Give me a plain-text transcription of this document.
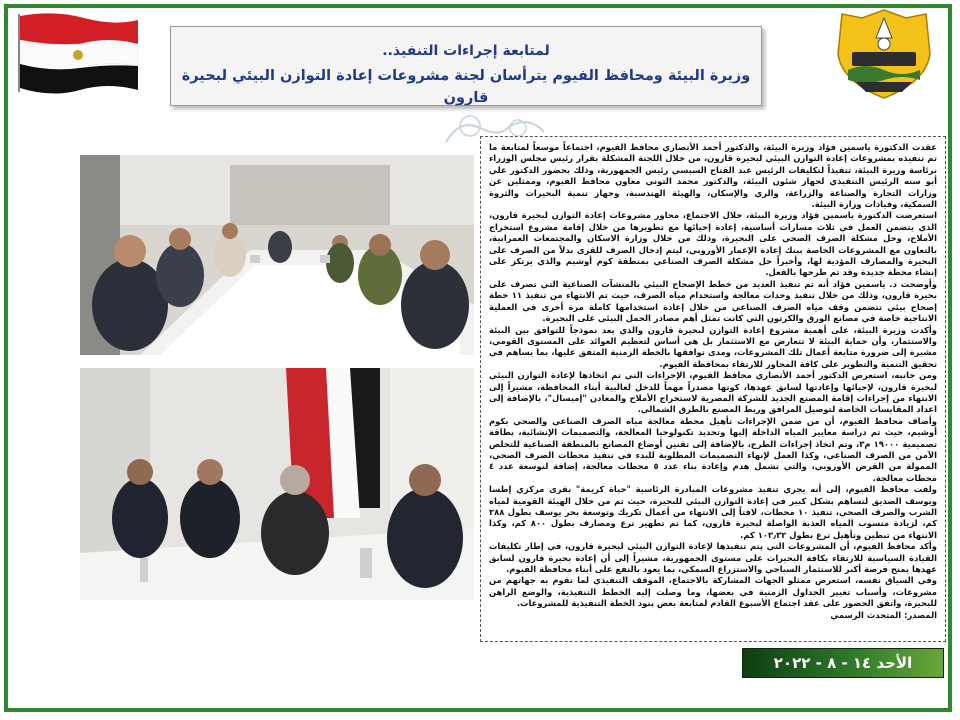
لمتابعة إجراءات التنفيذ..
وزيرة البيئة ومحافظ الفيوم يترأسان لجنة مشروعات إعادة التوازن البيئي لبحيرة قارون

عقدت الدكتورة ياسمين فؤاد وزيرة البيئة، والدكتور أحمد الأنصاري محافظ الفيوم، اجتماعاً موسعاً لمتابعة ما تم تنفيذه بمشروعات إعادة التوازن البيئي لبحيرة قارون، من خلال اللجنة المشكلة بقرار رئيس مجلس الوزراء برئاسة وزيرة البيئة، تنفيذاً لتكليفات الرئيس عبد الفتاح السيسي رئيس الجمهورية، وذلك بحضور الدكتور علي أبو سنه الرئيس التنفيذي لجهاز شئون البيئة، والدكتور محمد التوني معاون محافظ الفيوم، وممثلين عن وزارات التجارة والصناعة والزراعة، والري والإسكان، والهيئة الهندسية، وجهاز تنمية البحيرات والثروة السمكية، وقيادات وزارة البيئة.

استعرضت الدكتورة ياسمين فؤاد وزيرة البيئة، خلال الاجتماع، محاور مشروعات إعادة التوازن لبحيرة قارون، الذي يتضمن العمل في ثلاث مسارات أساسية، إعادة إحيائها مع تطويرها من خلال إقامة مشروع استخراج الأملاح، وحل مشكلة الصرف الصحي على البحيرة، وذلك من خلال وزارة الاسكان والمجتمعات العمرانية، بالتعاون مع المشروعات الخاصة ببنك إعادة الإعمار الأوروبي، ليتم إدخال الصرف للقرى بدلاً من الصرف على البحيرة والمصارف المؤدية لها، وأخيراً حل مشكلة الصرف الصناعي بمنطقة كوم أوشيم والذي يرتكز على إنشاء محطة جديدة وقد تم طرحها بالفعل.

وأوضحت د. ياسمين فؤاد أنه تم تنفيذ العديد من خطط الإصحاح البيئي بالمنشآت الصناعية التي تصرف على بحيرة قارون، وذلك من خلال تنفيذ وحدات معالجة واستخدام مياه الصرف، حيث تم الانتهاء من تنفيذ ١١ خطة إصحاح بيئي تتضمن وقف مياه الصرف الصناعي من خلال إعادة استخدامها كاملة مرة أخرى في العملية الانتاجية خاصة في مصانع الورق والكرتون التي كانت تمثل أهم مصادر الحمل البيئي على البحيرة.

وأكدت وزيرة البيئة، على أهمية مشروع إعادة التوازن لبحيرة قارون والذي يعد نموذجاً للتوافق بين البيئة والاستثمار، وأن حماية البيئة لا تتعارض مع الاستثمار بل هي أساس لتعظيم العوائد على المستوى القومي، مشيرة إلى ضرورة متابعة أعمال تلك المشروعات، ومدى توافقها بالخطة الزمنية المتفق عليها، بما يساهم في تحقيق التنمية والتطوير على كافة المحاور للارتقاء بمحافظة الفيوم.

ومن جانبه، استعرض الدكتور أحمد الأنصاري محافظ الفيوم، الإجراءات التي تم اتخاذها لإعادة التوازن البيئي لبحيرة قارون، لإحيائها وإعادتها لسابق عهدها، كونها مصدراً مهماً للدخل لغالبية أبناء المحافظة، مشيراً إلى الانتهاء من إجراءات إقامة المصنع الجديد للشركة المصرية لاستخراج الأملاح والمعادن "إميسال"، بالإضافة إلى اعداد المقايسات الخاصة لتوصيل المرافق وربط المصنع بالطرق الشمالي.

وأضاف محافظ الفيوم، أن من ضمن الإجراءات تأهيل محطة معالجة مياه الصرف الصناعي والصحي بكوم أوشيم، حيث تم دراسة معايير المياه الداخلة إليها وتحديد تكنولوجيا المعالجة، والتصميمات الإنشائية، بطاقة تصميمية ١٩٠٠٠ م٣، وتم اتخاذ إجراءات الطرح، بالإضافة إلى تقنين أوضاع المصانع بالمنطقة الصناعية للتخلص الآمن من الصرف الصناعي، وكذا العمل لإنهاء التصميمات المطلوبة للبدء في تنفيذ محطات الصرف الصحي، الممولة من القرض الأوروبي، والتي تشمل هدم وإعادة بناء عدد ٥ محطات معالجة، إضافة لتوسعة عدد ٤ محطات معالجة.

ولفت محافظ الفيوم، إلى أنه يجري تنفيذ مشروعات المبادرة الرئاسية "حياة كريمة" بقرى مركزي إطسا ويوسف الصديق لتساهم بشكل كبير في إعادة التوازن البيئي للبحيرة، حيث تم من خلال الهيئة القومية لمياه الشرب والصرف الصحي، تنفيذ ١٠ محطات، لافتاً إلى الانتهاء من أعمال تكريك وتوسعة بحر يوسف بطول ٢٨٨ كم، لزيادة منسوب المياه العذبة الواصلة لبحيرة قارون، كما تم تطهير ترع ومصارف بطول ٨٠٠ كم، وكذا الانتهاء من تبطين وتأهيل ترع بطول ١٠٣٫٣٢ كم.

وأكد محافظ الفيوم، أن المشروعات التي يتم تنفيذها لإعادة التوازن البيئي لبحيرة قارون، في إطار تكليفات القيادة السياسية للارتقاء بكافة البحيرات على مستوى الجمهورية، مشيراً إلى أن إعادة بحيرة قارون لسابق عهدها يمنح فرصة أكبر للاستثمار السياحي والاستزراع السمكي، بما يعود بالنفع على أبناء محافظة الفيوم.

وفي السياق نفسه، استعرض ممثلو الجهات المشاركة بالاجتماع، الموقف التنفيذي لما تقوم به جهاتهم من مشروعات، وأسباب تغيير الجداول الزمنية في بعضها، وما وصلت إليه الخطط التنفيذية، والوضع الراهن للبحيرة، واتفق الحضور على عقد اجتماع الأسبوع القادم لمتابعة بعض بنود الخطة التنفيذية للمشروعات.

المصدر: المتحدث الرسمي

الأحد ١٤ - ٨ - ٢٠٢٢
